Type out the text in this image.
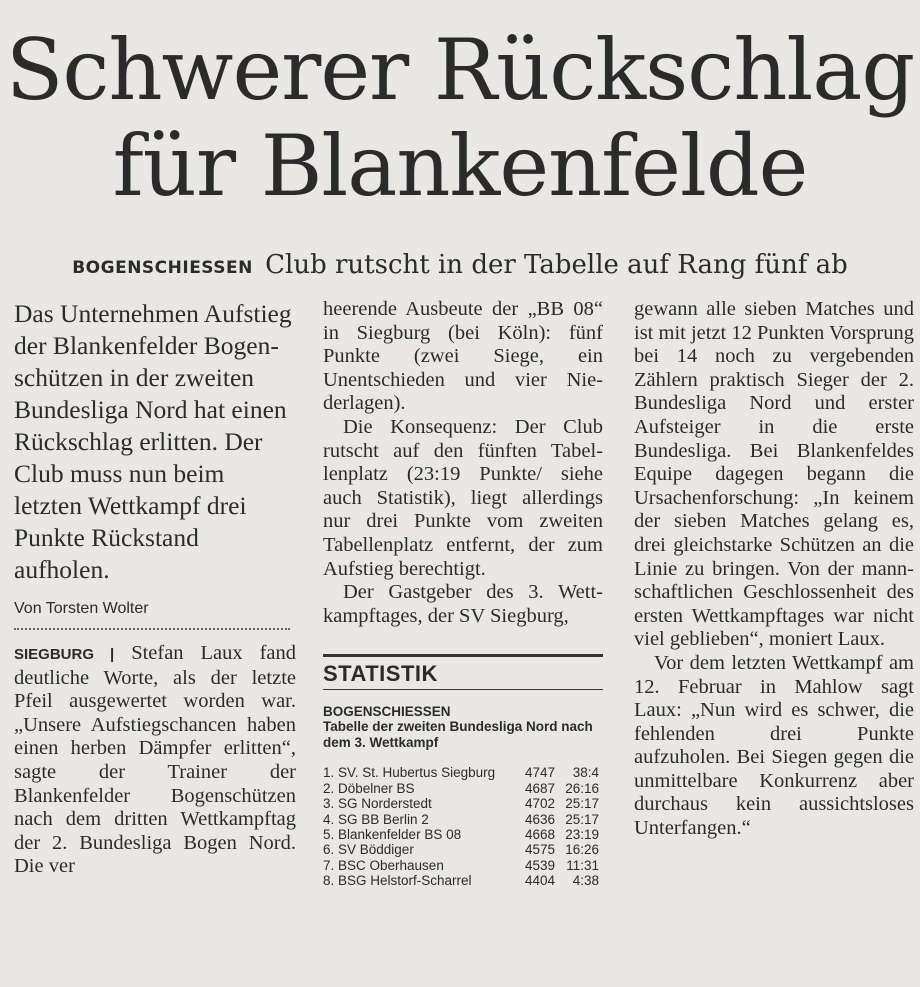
Schwerer Rückschlag
für Blankenfelde
BOGENSCHIESSEN Club rutscht in der Tabelle auf Rang fünf ab

Das Unternehmen Aufstieg der Blankenfelder Bogenschützen in der zweiten Bundesliga Nord hat einen Rückschlag erlitten. Der Club muss nun beim letzten Wettkampf drei Punkte Rückstand aufholen.

Von Torsten Wolter

SIEGBURG | Stefan Laux fand deutliche Worte, als der letzte Pfeil ausgewertet worden war. „Unsere Aufstiegschancen haben einen herben Dämpfer erlitten“, sagte der Trainer der Blankenfelder Bogenschützen nach dem dritten Wettkampftag der 2. Bundesliga Bogen Nord. Die ver

heerende Ausbeute der „BB 08“ in Siegburg (bei Köln): fünf Punkte (zwei Siege, ein Unentschieden und vier Niederlagen).

Die Konsequenz: Der Club rutscht auf den fünften Tabellenplatz (23:19 Punkte/ siehe auch Statistik), liegt allerdings nur drei Punkte vom zweiten Tabellenplatz entfernt, der zum Aufstieg berechtigt.

Der Gastgeber des 3. Wettkampftages, der SV Siegburg,

STATISTIK
BOGENSCHIESSEN
Tabelle der zweiten Bundesliga Nord nach dem 3. Wettkampf
1. SV. St. Hubertus Siegburg	4747	38:4
2. Döbelner BS	4687	26:16
3. SG Norderstedt	4702	25:17
4. SG BB Berlin 2	4636	25:17
5. Blankenfelder BS 08	4668	23:19
6. SV Böddiger	4575	16:26
7. BSC Oberhausen	4539	11:31
8. BSG Helstorf-Scharrel	4404	4:38

gewann alle sieben Matches und ist mit jetzt 12 Punkten Vorsprung bei 14 noch zu vergebenden Zählern praktisch Sieger der 2. Bundesliga Nord und erster Aufsteiger in die erste Bundesliga. Bei Blankenfeldes Equipe dagegen begann die Ursachenforschung: „In keinem der sieben Matches gelang es, drei gleichstarke Schützen an die Linie zu bringen. Von der mannschaftlichen Geschlossenheit des ersten Wettkampftages war nicht viel geblieben“, moniert Laux.

Vor dem letzten Wettkampf am 12. Februar in Mahlow sagt Laux: „Nun wird es schwer, die fehlenden drei Punkte aufzuholen. Bei Siegen gegen die unmittelbare Konkurrenz aber durchaus kein aussichtsloses Unterfangen.“
